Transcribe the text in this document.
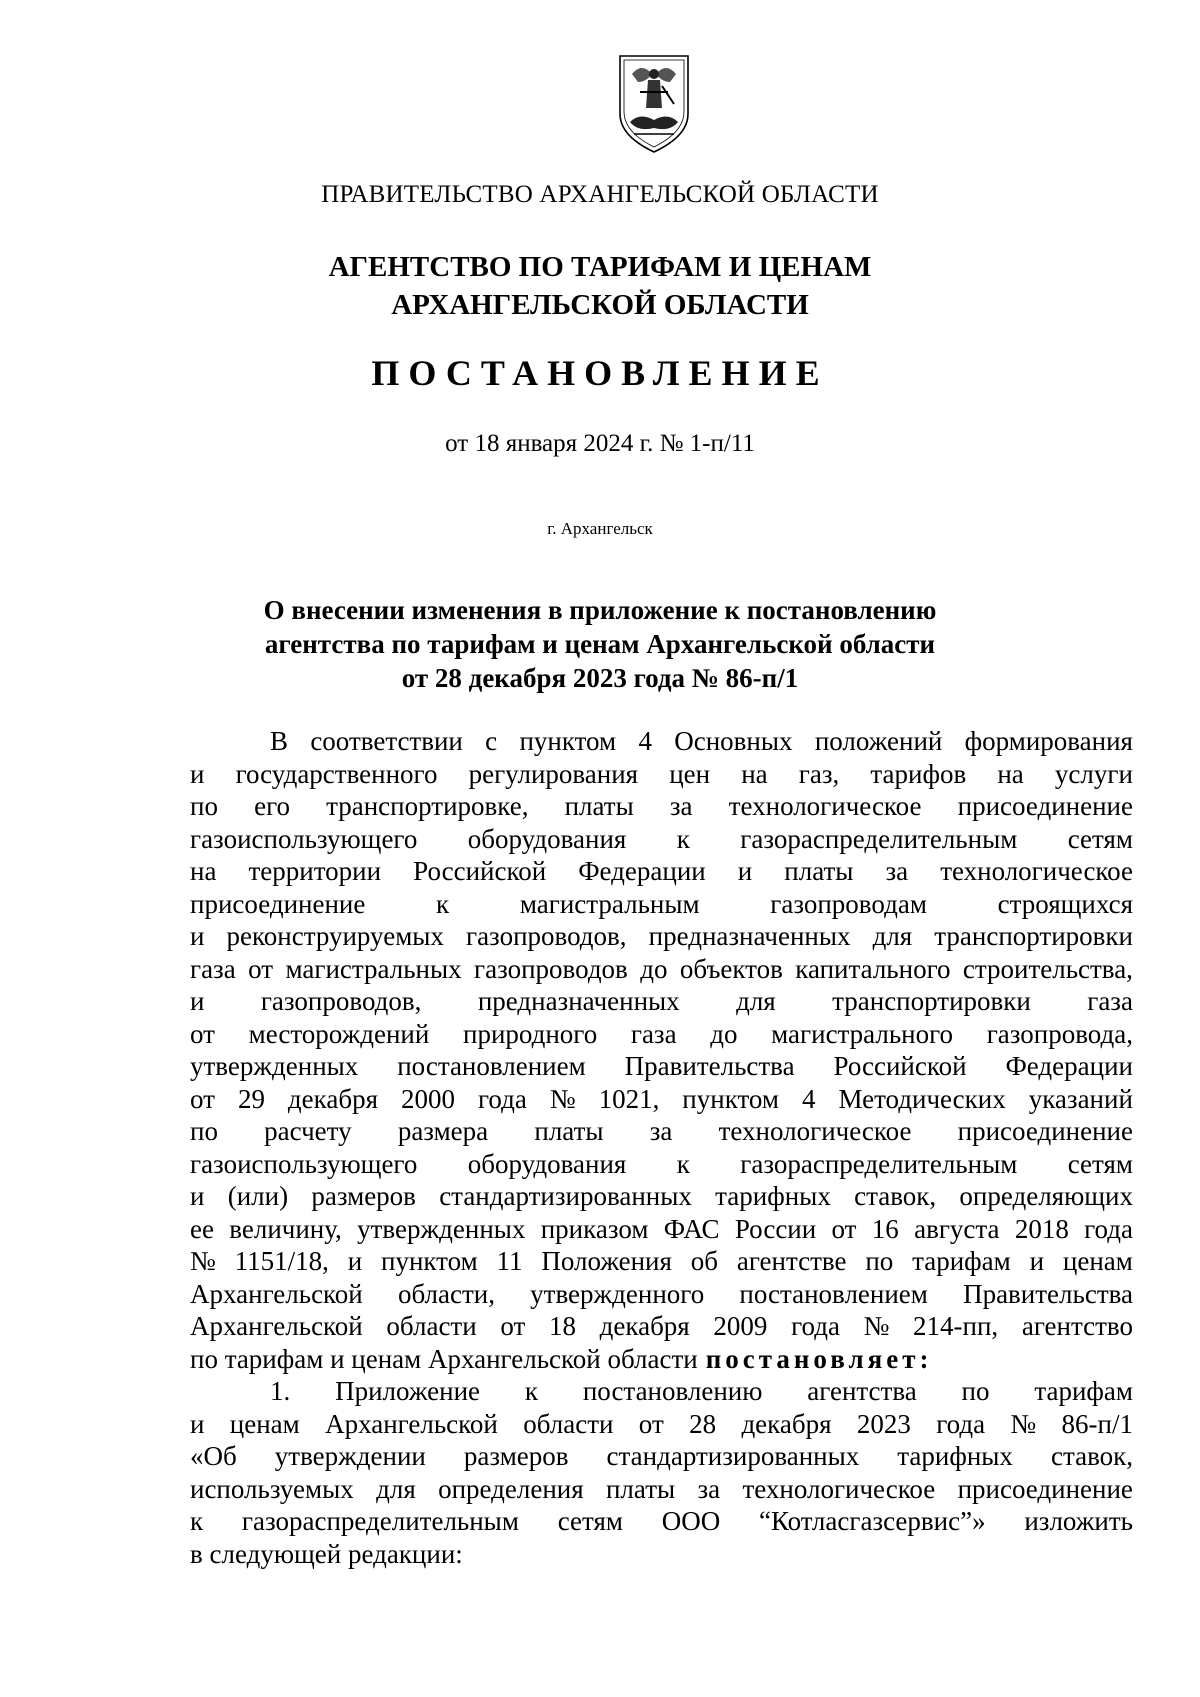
ПРАВИТЕЛЬСТВО АРХАНГЕЛЬСКОЙ ОБЛАСТИ
АГЕНТСТВО ПО ТАРИФАМ И ЦЕНАМ
АРХАНГЕЛЬСКОЙ ОБЛАСТИ
ПОСТАНОВЛЕНИЕ
от 18 января 2024 г. № 1-п/11
г. Архангельск
О внесении изменения в приложение к постановлению
агентства по тарифам и ценам Архангельской области
от 28 декабря 2023 года № 86-п/1
В соответствии с пунктом 4 Основных положений формирования
и государственного регулирования цен на газ, тарифов на услуги
по его транспортировке, платы за технологическое присоединение
газоиспользующего оборудования к газораспределительным сетям
на территории Российской Федерации и платы за технологическое
присоединение	к	магистральным	газопроводам	строящихся
и реконструируемых газопроводов, предназначенных для транспортировки
газа от магистральных газопроводов до объектов капитального строительства,
и газопроводов, предназначенных для транспортировки газа
от месторождений природного газа до магистрального газопровода,
утвержденных постановлением Правительства Российской Федерации
от 29 декабря 2000 года № 1021, пунктом 4 Методических указаний
по расчету размера платы за технологическое присоединение
газоиспользующего оборудования к газораспределительным сетям
и (или) размеров стандартизированных тарифных ставок, определяющих
ее величину, утвержденных приказом ФАС России от 16 августа 2018 года
№ 1151/18, и пунктом 11 Положения об агентстве по тарифам и ценам
Архангельской области, утвержденного постановлением Правительства
Архангельской области от 18 декабря 2009 года № 214-пп, агентство
по тарифам и ценам Архангельской области постановляет:
1. Приложение к постановлению агентства по тарифам
и ценам Архангельской области от 28 декабря 2023 года № 86-п/1
«Об утверждении размеров стандартизированных тарифных ставок,
используемых для определения платы за технологическое присоединение
к газораспределительным сетям ООО “Котласгазсервис”» изложить
в следующей редакции:
